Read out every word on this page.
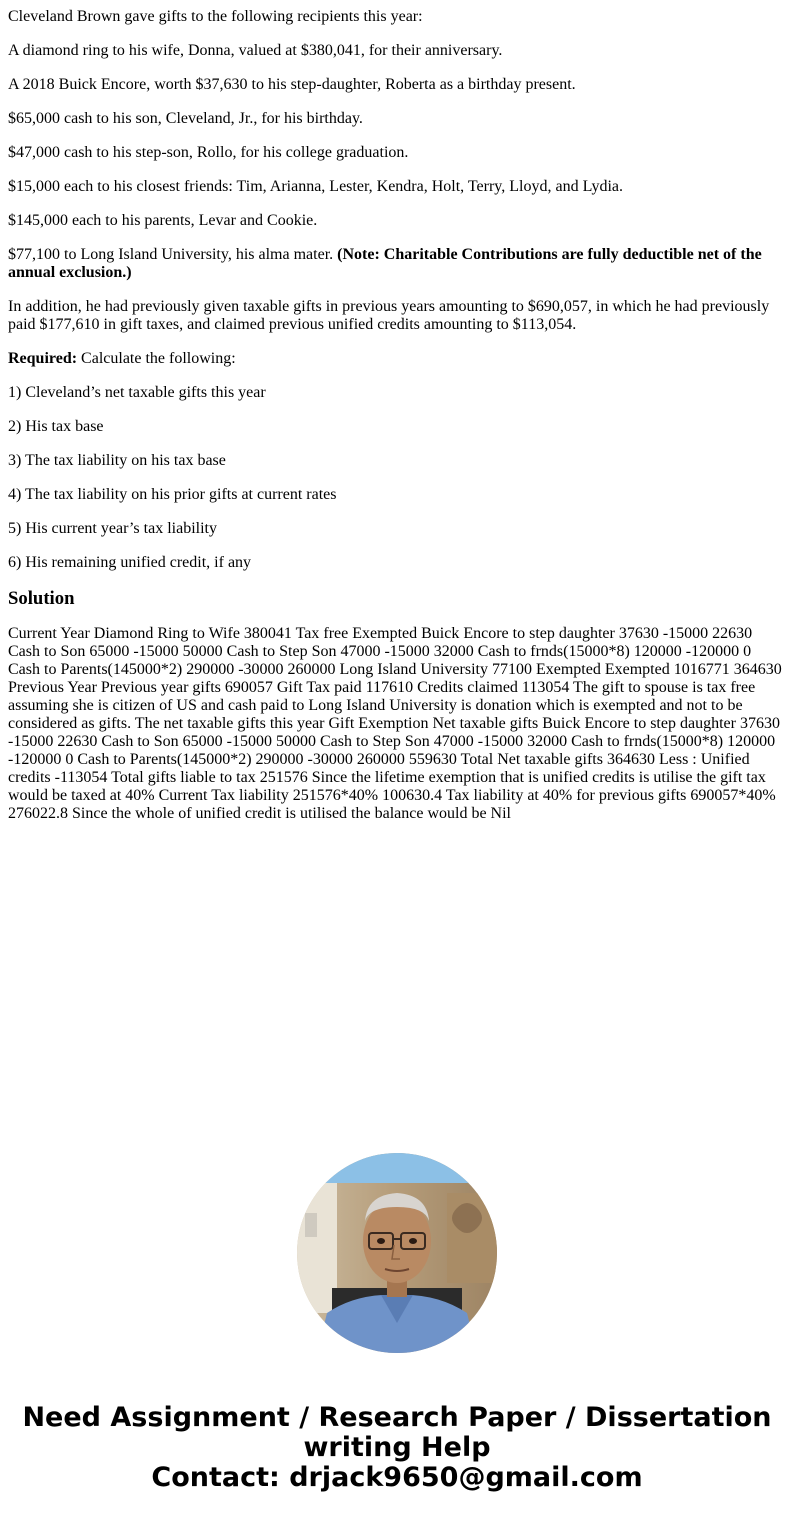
Cleveland Brown gave gifts to the following recipients this year:

A diamond ring to his wife, Donna, valued at $380,041, for their anniversary.

A 2018 Buick Encore, worth $37,630 to his step-daughter, Roberta as a birthday present.

$65,000 cash to his son, Cleveland, Jr., for his birthday.

$47,000 cash to his step-son, Rollo, for his college graduation.

$15,000 each to his closest friends: Tim, Arianna, Lester, Kendra, Holt, Terry, Lloyd, and Lydia.

$145,000 each to his parents, Levar and Cookie.

$77,100 to Long Island University, his alma mater. (Note: Charitable Contributions are fully deductible net of the annual exclusion.)

In addition, he had previously given taxable gifts in previous years amounting to $690,057, in which he had previously paid $177,610 in gift taxes, and claimed previous unified credits amounting to $113,054.

Required: Calculate the following:

1) Cleveland’s net taxable gifts this year

2) His tax base

3) The tax liability on his tax base

4) The tax liability on his prior gifts at current rates

5) His current year’s tax liability

6) His remaining unified credit, if any

Solution

Current Year Diamond Ring to Wife 380041 Tax free Exempted Buick Encore to step daughter 37630 -15000 22630 Cash to Son 65000 -15000 50000 Cash to Step Son 47000 -15000 32000 Cash to frnds(15000*8) 120000 -120000 0 Cash to Parents(145000*2) 290000 -30000 260000 Long Island University 77100 Exempted Exempted 1016771 364630 Previous Year Previous year gifts 690057 Gift Tax paid 117610 Credits claimed 113054 The gift to spouse is tax free assuming she is citizen of US and cash paid to Long Island University is donation which is exempted and not to be considered as gifts. The net taxable gifts this year Gift Exemption Net taxable gifts Buick Encore to step daughter 37630 -15000 22630 Cash to Son 65000 -15000 50000 Cash to Step Son 47000 -15000 32000 Cash to frnds(15000*8) 120000 -120000 0 Cash to Parents(145000*2) 290000 -30000 260000 559630 Total Net taxable gifts 364630 Less : Unified credits -113054 Total gifts liable to tax 251576 Since the lifetime exemption that is unified credits is utilise the gift tax would be taxed at 40% Current Tax liability 251576*40% 100630.4 Tax liability at 40% for previous gifts 690057*40% 276022.8 Since the whole of unified credit is utilised the balance would be Nil

Need Assignment / Research Paper / Dissertation
writing Help
Contact: drjack9650@gmail.com
